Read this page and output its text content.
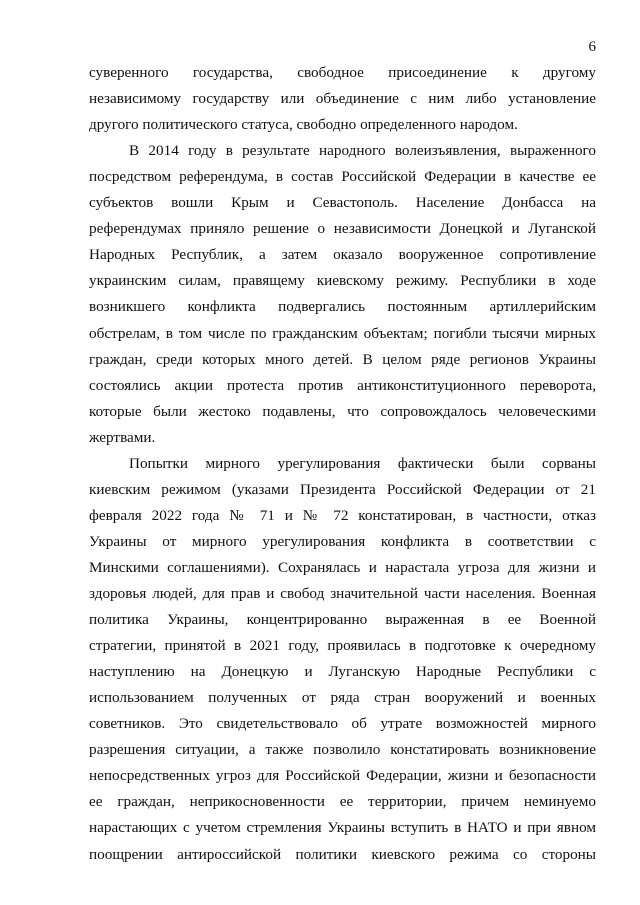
6
суверенного государства, свободное присоединение к другому
независимому государству или объединение с ним либо установление
другого политического статуса, свободно определенного народом.
В 2014 году в результате народного волеизъявления, выраженного
посредством референдума, в состав Российской Федерации в качестве ее
субъектов вошли Крым и Севастополь. Население Донбасса на
референдумах приняло решение о независимости Донецкой и Луганской
Народных Республик, а затем оказало вооруженное сопротивление
украинским силам, правящему киевскому режиму. Республики в ходе
возникшего конфликта подвергались постоянным артиллерийским
обстрелам, в том числе по гражданским объектам; погибли тысячи мирных
граждан, среди которых много детей. В целом ряде регионов Украины
состоялись акции протеста против антиконституционного переворота,
которые были жестоко подавлены, что сопровождалось человеческими
жертвами.
Попытки мирного урегулирования фактически были сорваны
киевским режимом (указами Президента Российской Федерации от 21
февраля 2022 года № 71 и № 72 констатирован, в частности, отказ
Украины от мирного урегулирования конфликта в соответствии с
Минскими соглашениями). Сохранялась и нарастала угроза для жизни и
здоровья людей, для прав и свобод значительной части населения. Военная
политика Украины, концентрированно выраженная в ее Военной
стратегии, принятой в 2021 году, проявилась в подготовке к очередному
наступлению на Донецкую и Луганскую Народные Республики с
использованием полученных от ряда стран вооружений и военных
советников. Это свидетельствовало об утрате возможностей мирного
разрешения ситуации, а также позволило констатировать возникновение
непосредственных угроз для Российской Федерации, жизни и безопасности
ее граждан, неприкосновенности ее территории, причем неминуемо
нарастающих с учетом стремления Украины вступить в НАТО и при явном
поощрении антироссийской политики киевского режима со стороны
